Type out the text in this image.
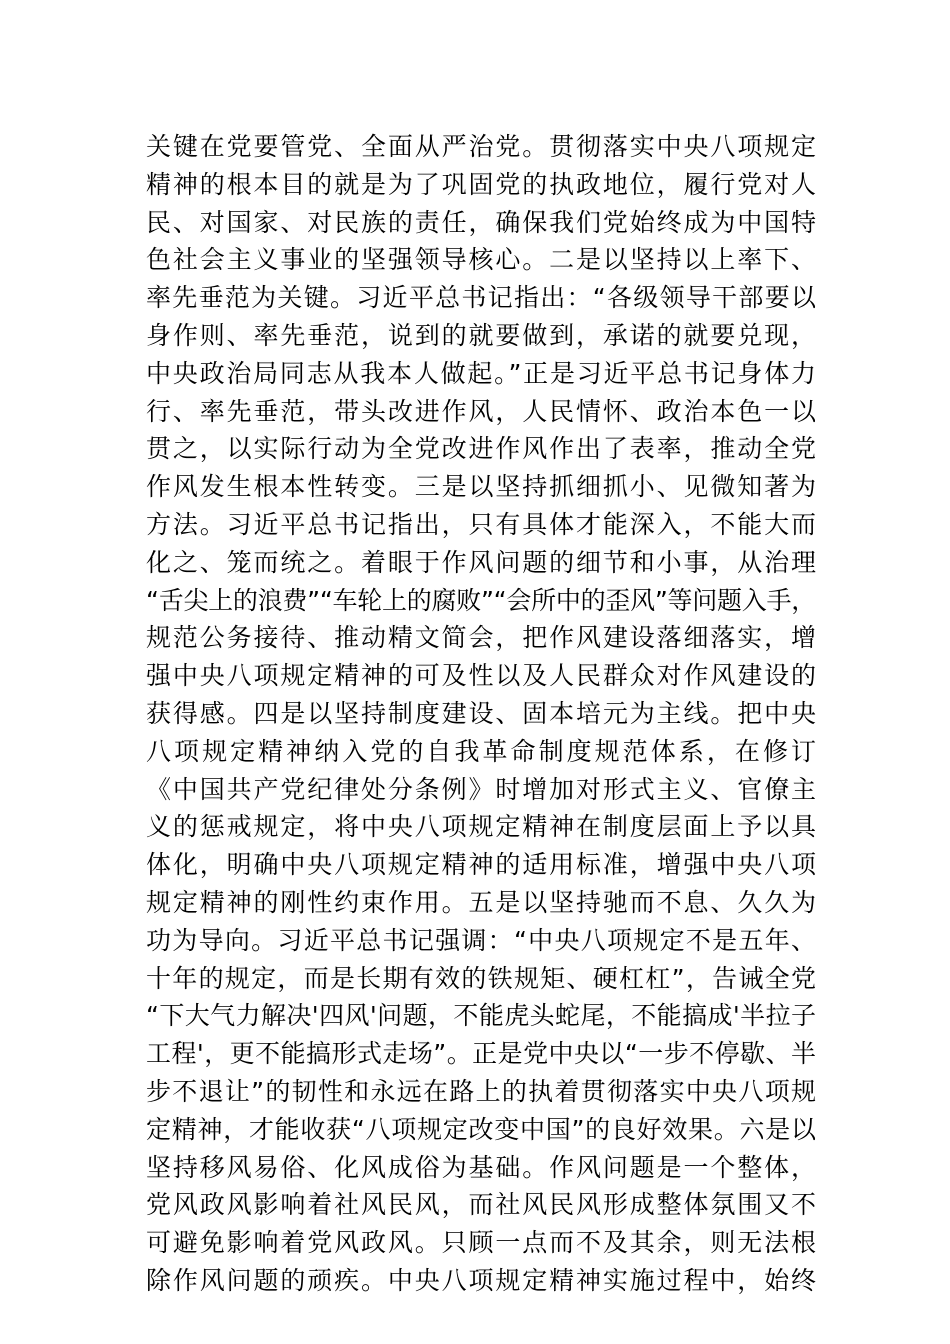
关键在党要管党、全面从严治党。贯彻落实中央八项规定
精神的根本目的就是为了巩固党的执政地位，履行党对人
民、对国家、对民族的责任，确保我们党始终成为中国特
色社会主义事业的坚强领导核心。二是以坚持以上率下、
率先垂范为关键。习近平总书记指出：“各级领导干部要以
身作则、率先垂范，说到的就要做到，承诺的就要兑现，
中央政治局同志从我本人做起。”正是习近平总书记身体力
行、率先垂范，带头改进作风，人民情怀、政治本色一以
贯之，以实际行动为全党改进作风作出了表率，推动全党
作风发生根本性转变。三是以坚持抓细抓小、见微知著为
方法。习近平总书记指出，只有具体才能深入，不能大而
化之、笼而统之。着眼于作风问题的细节和小事，从治理
“舌尖上的浪费”“车轮上的腐败”“会所中的歪风”等问题入手，
规范公务接待、推动精文简会，把作风建设落细落实，增
强中央八项规定精神的可及性以及人民群众对作风建设的
获得感。四是以坚持制度建设、固本培元为主线。把中央
八项规定精神纳入党的自我革命制度规范体系，在修订
《中国共产党纪律处分条例》时增加对形式主义、官僚主
义的惩戒规定，将中央八项规定精神在制度层面上予以具
体化，明确中央八项规定精神的适用标准，增强中央八项
规定精神的刚性约束作用。五是以坚持驰而不息、久久为
功为导向。习近平总书记强调：“中央八项规定不是五年、
十年的规定，而是长期有效的铁规矩、硬杠杠”，告诫全党
“下大气力解决'四风'问题，不能虎头蛇尾，不能搞成'半拉子
工程'，更不能搞形式走场”。正是党中央以“一步不停歇、半
步不退让”的韧性和永远在路上的执着贯彻落实中央八项规
定精神，才能收获“八项规定改变中国”的良好效果。六是以
坚持移风易俗、化风成俗为基础。作风问题是一个整体，
党风政风影响着社风民风，而社风民风形成整体氛围又不
可避免影响着党风政风。只顾一点而不及其余，则无法根
除作风问题的顽疾。中央八项规定精神实施过程中，始终
